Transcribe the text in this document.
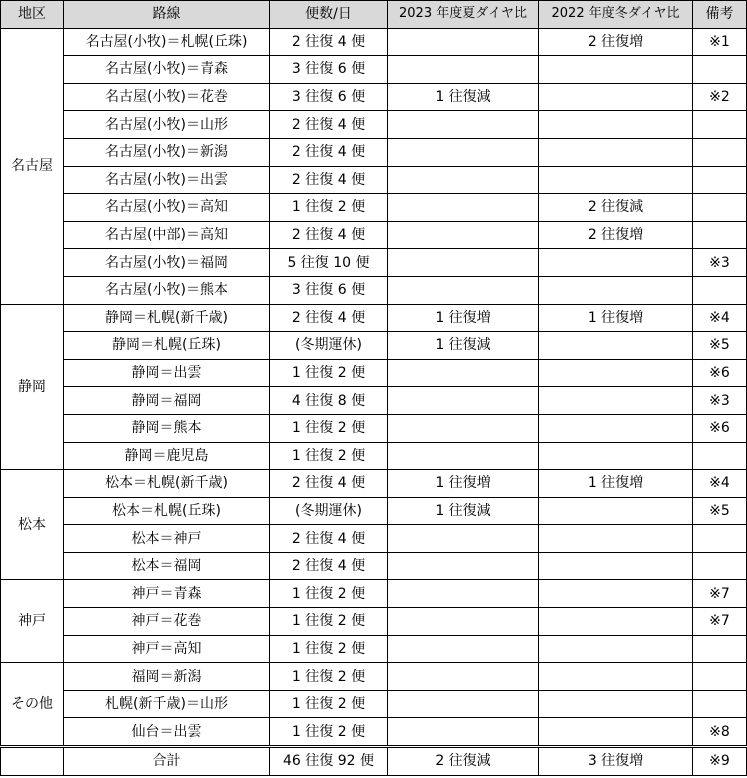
地区	路線	便数/日	2023 年度夏ダイヤ比	2022 年度冬ダイヤ比	備考
名古屋	名古屋(小牧)＝札幌(丘珠)	2 往復 4 便		2 往復増	※1
	名古屋(小牧)＝青森	3 往復 6 便			
	名古屋(小牧)＝花巻	3 往復 6 便	1 往復減		※2
	名古屋(小牧)＝山形	2 往復 4 便			
	名古屋(小牧)＝新潟	2 往復 4 便			
	名古屋(小牧)＝出雲	2 往復 4 便			
	名古屋(小牧)＝高知	1 往復 2 便		2 往復減	
	名古屋(中部)＝高知	2 往復 4 便		2 往復増	
	名古屋(小牧)＝福岡	5 往復 10 便			※3
	名古屋(小牧)＝熊本	3 往復 6 便			
静岡	静岡＝札幌(新千歳)	2 往復 4 便	1 往復増	1 往復増	※4
	静岡＝札幌(丘珠)	(冬期運休)	1 往復減		※5
	静岡＝出雲	1 往復 2 便			※6
	静岡＝福岡	4 往復 8 便			※3
	静岡＝熊本	1 往復 2 便			※6
	静岡＝鹿児島	1 往復 2 便			
松本	松本＝札幌(新千歳)	2 往復 4 便	1 往復増	1 往復増	※4
	松本＝札幌(丘珠)	(冬期運休)	1 往復減		※5
	松本＝神戸	2 往復 4 便			
	松本＝福岡	2 往復 4 便			
神戸	神戸＝青森	1 往復 2 便			※7
	神戸＝花巻	1 往復 2 便			※7
	神戸＝高知	1 往復 2 便			
その他	福岡＝新潟	1 往復 2 便			
	札幌(新千歳)＝山形	1 往復 2 便			
	仙台＝出雲	1 往復 2 便			※8
	合計	46 往復 92 便	2 往復減	3 往復増	※9
